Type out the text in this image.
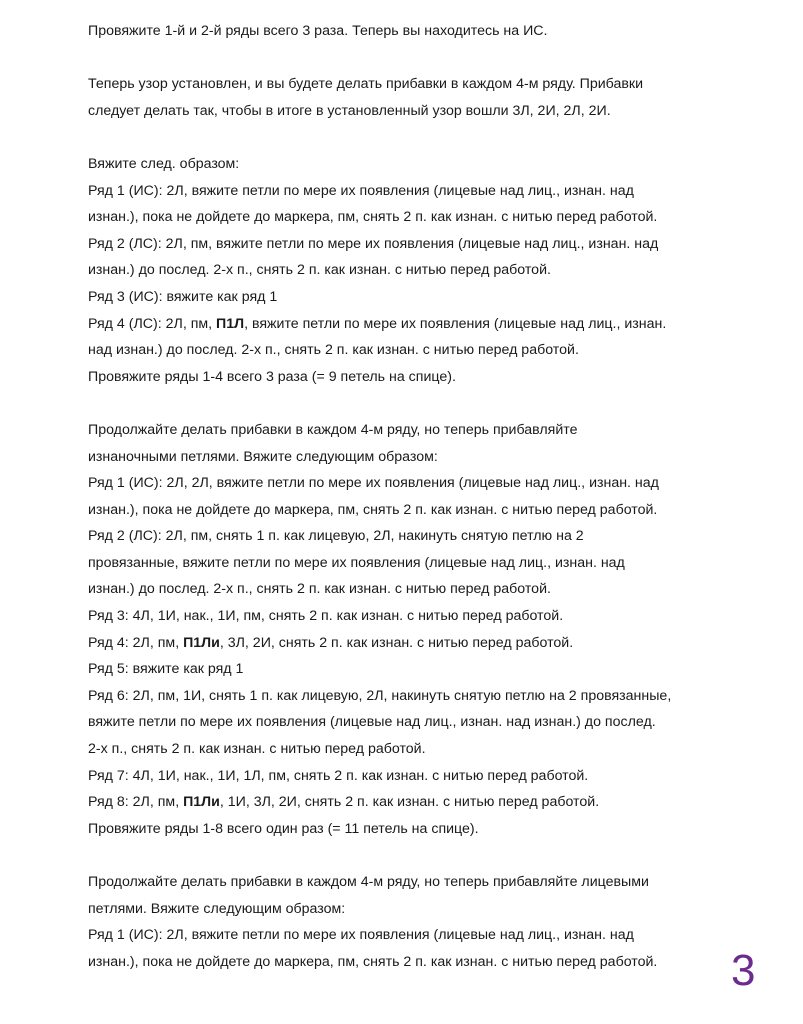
Провяжите 1-й и 2-й ряды всего 3 раза. Теперь вы находитесь на ИС.
Теперь узор установлен, и вы будете делать прибавки в каждом 4-м ряду. Прибавки
следует делать так, чтобы в итоге в установленный узор вошли 3Л, 2И, 2Л, 2И.
Вяжите след. образом:
Ряд 1 (ИС): 2Л, вяжите петли по мере их появления (лицевые над лиц., изнан. над
изнан.), пока не дойдете до маркера, пм, снять 2 п. как изнан. с нитью перед работой.
Ряд 2 (ЛС): 2Л, пм, вяжите петли по мере их появления (лицевые над лиц., изнан. над
изнан.) до послед. 2-х п., снять 2 п. как изнан. с нитью перед работой.
Ряд 3 (ИС): вяжите как ряд 1
Ряд 4 (ЛС): 2Л, пм, П1Л, вяжите петли по мере их появления (лицевые над лиц., изнан.
над изнан.) до послед. 2-х п., снять 2 п. как изнан. с нитью перед работой.
Провяжите ряды 1-4 всего 3 раза (= 9 петель на спице).
Продолжайте делать прибавки в каждом 4-м ряду, но теперь прибавляйте
изнаночными петлями. Вяжите следующим образом:
Ряд 1 (ИС): 2Л, 2Л, вяжите петли по мере их появления (лицевые над лиц., изнан. над
изнан.), пока не дойдете до маркера, пм, снять 2 п. как изнан. с нитью перед работой.
Ряд 2 (ЛС): 2Л, пм, снять 1 п. как лицевую, 2Л, накинуть снятую петлю на 2
провязанные, вяжите петли по мере их появления (лицевые над лиц., изнан. над
изнан.) до послед. 2-х п., снять 2 п. как изнан. с нитью перед работой.
Ряд 3: 4Л, 1И, нак., 1И, пм, снять 2 п. как изнан. с нитью перед работой.
Ряд 4: 2Л, пм, П1Ли, 3Л, 2И, снять 2 п. как изнан. с нитью перед работой.
Ряд 5: вяжите как ряд 1
Ряд 6: 2Л, пм, 1И, снять 1 п. как лицевую, 2Л, накинуть снятую петлю на 2 провязанные,
вяжите петли по мере их появления (лицевые над лиц., изнан. над изнан.) до послед.
2-х п., снять 2 п. как изнан. с нитью перед работой.
Ряд 7: 4Л, 1И, нак., 1И, 1Л, пм, снять 2 п. как изнан. с нитью перед работой.
Ряд 8: 2Л, пм, П1Ли, 1И, 3Л, 2И, снять 2 п. как изнан. с нитью перед работой.
Провяжите ряды 1-8 всего один раз (= 11 петель на спице).
Продолжайте делать прибавки в каждом 4-м ряду, но теперь прибавляйте лицевыми
петлями. Вяжите следующим образом:
Ряд 1 (ИС): 2Л, вяжите петли по мере их появления (лицевые над лиц., изнан. над
изнан.), пока не дойдете до маркера, пм, снять 2 п. как изнан. с нитью перед работой.	3
